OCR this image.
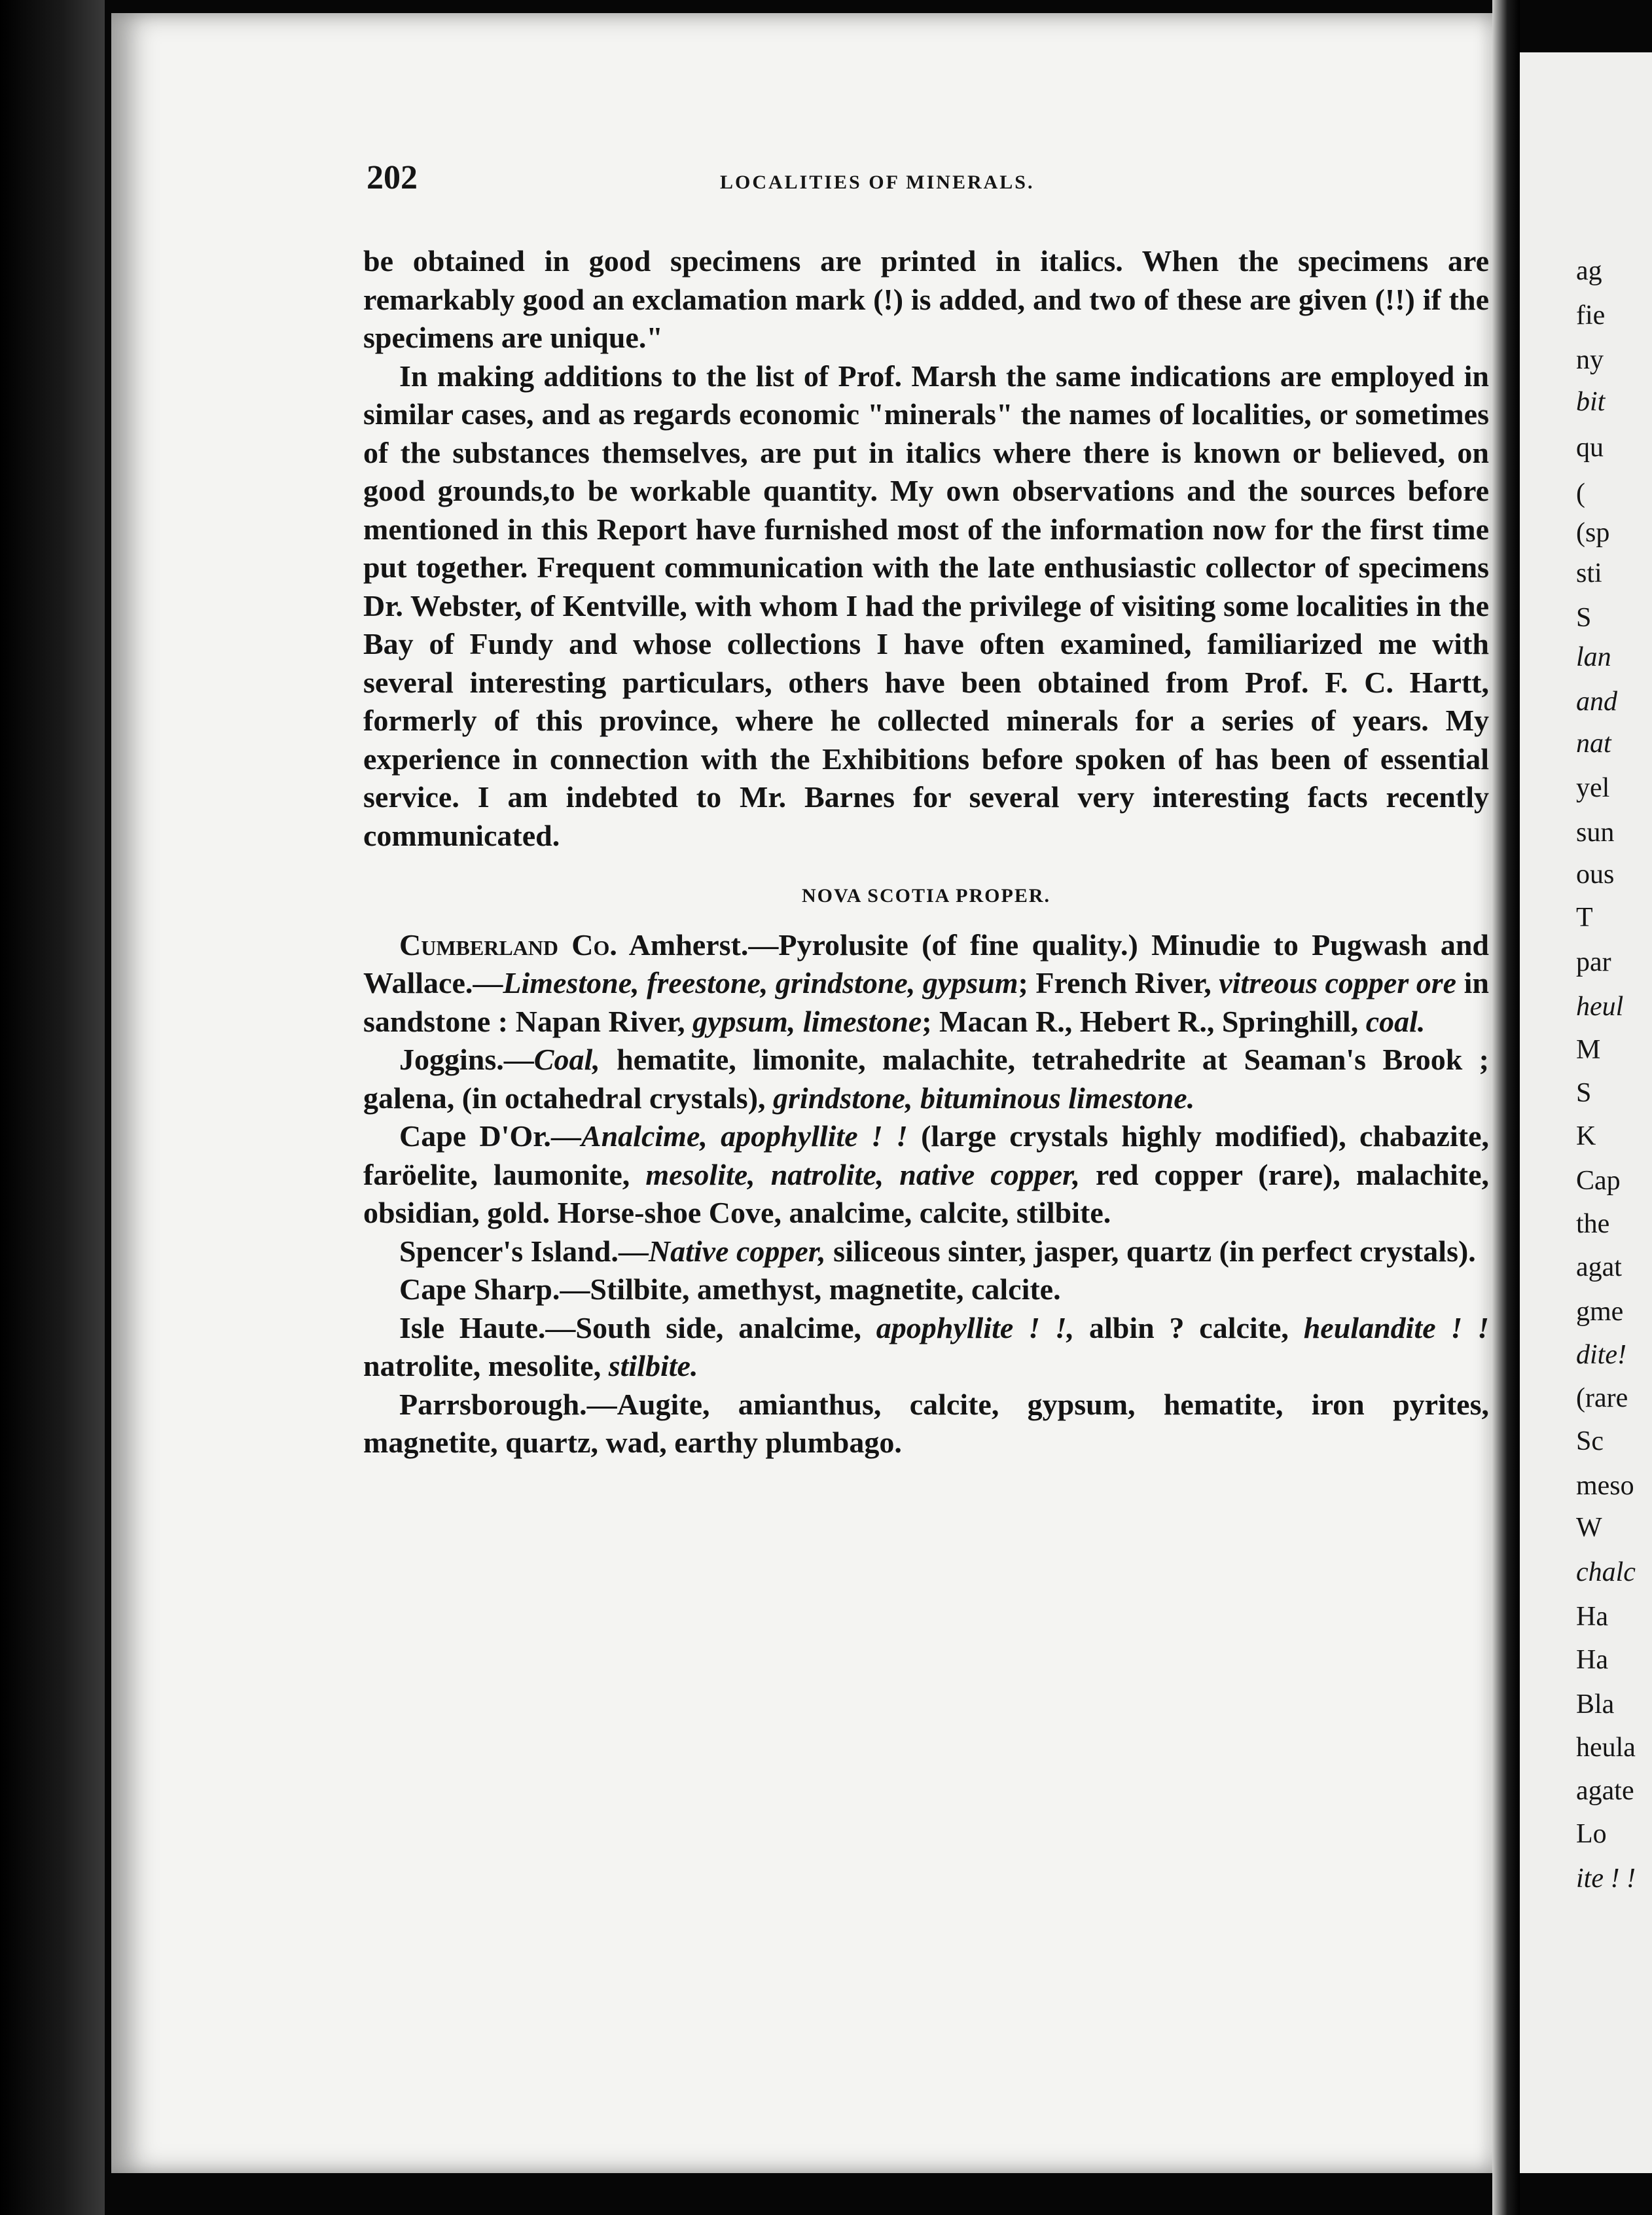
202	LOCALITIES OF MINERALS.

be obtained in good specimens are printed in italics. When the specimens are remarkably good an exclamation mark (!) is added, and two of these are given (!!) if the specimens are unique."

In making additions to the list of Prof. Marsh the same indications are employed in similar cases, and as regards economic "minerals" the names of localities, or sometimes of the substances themselves, are put in italics where there is known or believed, on good grounds,to be workable quantity. My own observations and the sources before mentioned in this Report have furnished most of the information now for the first time put together. Frequent communication with the late enthusiastic collector of specimens Dr. Webster, of Kentville, with whom I had the privilege of visiting some localities in the Bay of Fundy and whose collections I have often examined, familiarized me with several interesting particulars, others have been obtained from Prof. F. C. Hartt, formerly of this province, where he collected minerals for a series of years. My experience in connection with the Exhibitions before spoken of has been of essential service. I am indebted to Mr. Barnes for several very interesting facts recently communicated.

NOVA SCOTIA PROPER.

Cumberland Co. Amherst.—Pyrolusite (of fine quality.) Minudie to Pugwash and Wallace.—Limestone, freestone, grindstone, gypsum; French River, vitreous copper ore in sandstone : Napan River, gypsum, limestone; Macan R., Hebert R., Springhill, coal.

Joggins.—Coal, hematite, limonite, malachite, tetrahedrite at Seaman's Brook ; galena, (in octahedral crystals), grindstone, bituminous limestone.

Cape D'Or.—Analcime, apophyllite ! ! (large crystals highly modified), chabazite, faröelite, laumonite, mesolite, natrolite, native copper, red copper (rare), malachite, obsidian, gold. Horse-shoe Cove, analcime, calcite, stilbite.

Spencer's Island.—Native copper, siliceous sinter, jasper, quartz (in perfect crystals).

Cape Sharp.—Stilbite, amethyst, magnetite, calcite.

Isle Haute.—South side, analcime, apophyllite ! !, albin ? calcite, heulandite ! ! natrolite, mesolite, stilbite.

Parrsborough.—Augite, amianthus, calcite, gypsum, hematite, iron pyrites, magnetite, quartz, wad, earthy plumbago.

ag
fie
ny
bit
qu
(
(sp
sti
S
lan
and
nat
yel
sun
ous
T
par
heul
M
S
K
Cap
the
agat
gme
dite!
(rare
Sc
meso
W
chalc
Ha
Ha
Bla
heula
agate
Lo
ite ! !
